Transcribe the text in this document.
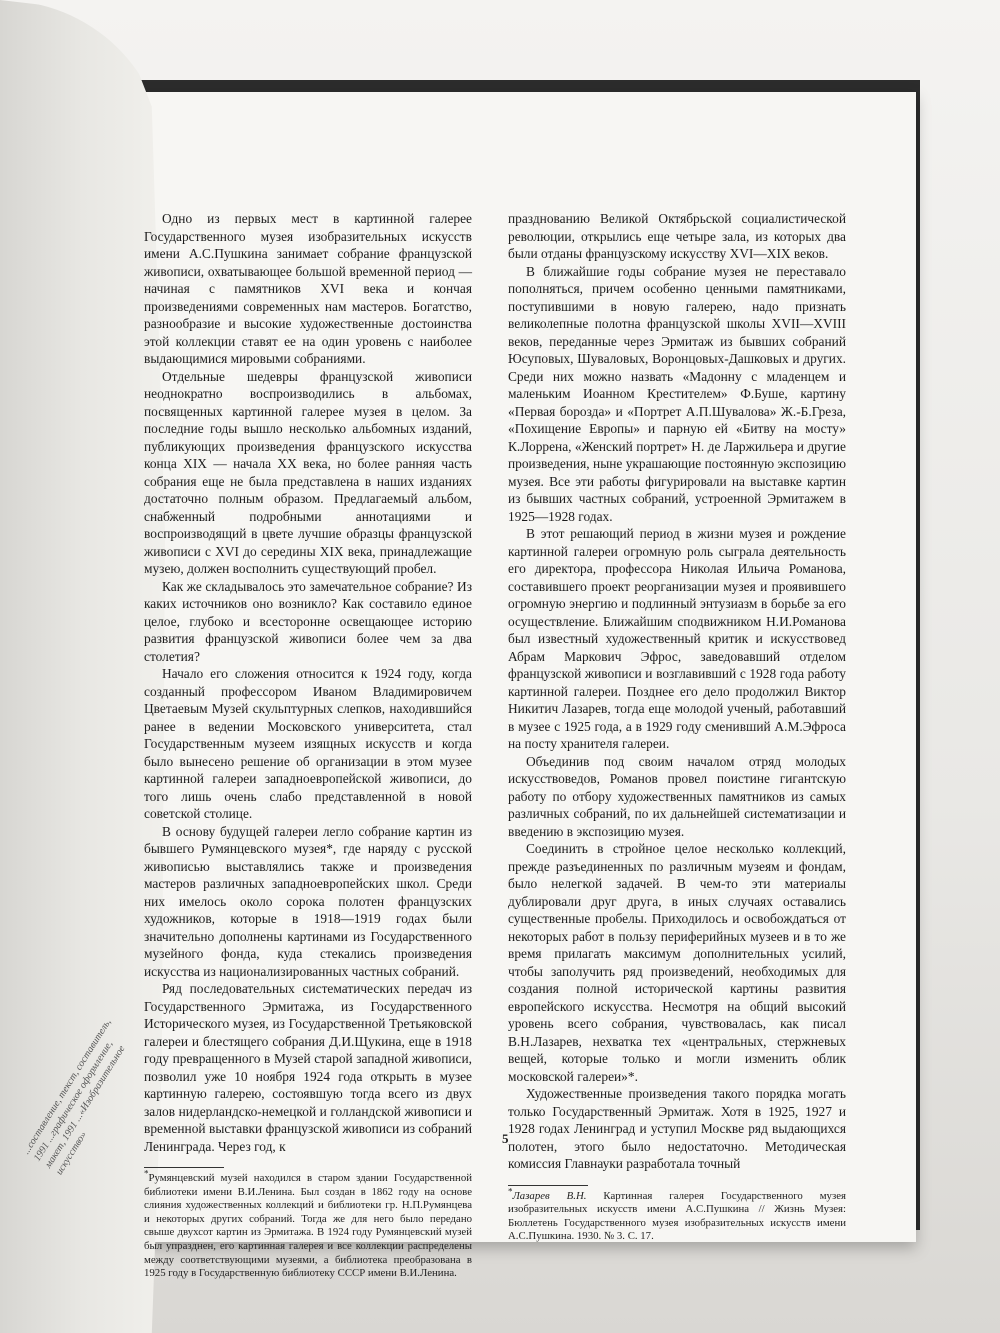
...составление, текст, составитель, 1991 ...графическое оформление, макет, 1991 ...«Изобразительное искусство»

Одно из первых мест в картинной галерее Государственного музея изобразительных искусств имени А.С.Пушкина занимает собрание французской живописи, охватывающее большой временной период — начиная с памятников XVI века и кончая произведениями современных нам мастеров. Богатство, разнообразие и высокие художественные достоинства этой коллекции ставят ее на один уровень с наиболее выдающимися мировыми собраниями.

Отдельные шедевры французской живописи неоднократно воспроизводились в альбомах, посвященных картинной галерее музея в целом. За последние годы вышло несколько альбомных изданий, публикующих произведения французского искусства конца XIX — начала XX века, но более ранняя часть собрания еще не была представлена в наших изданиях достаточно полным образом. Предлагаемый альбом, снабженный подробными аннотациями и воспроизводящий в цвете лучшие образцы французской живописи с XVI до середины XIX века, принадлежащие музею, должен восполнить существующий пробел.

Как же складывалось это замечательное собрание? Из каких источников оно возникло? Как составило единое целое, глубоко и всесторонне освещающее историю развития французской живописи более чем за два столетия?

Начало его сложения относится к 1924 году, когда созданный профессором Иваном Владимировичем Цветаевым Музей скульптурных слепков, находившийся ранее в ведении Московского университета, стал Государственным музеем изящных искусств и когда было вынесено решение об организации в этом музее картинной галереи западноевропейской живописи, до того лишь очень слабо представленной в новой советской столице.

В основу будущей галереи легло собрание картин из бывшего Румянцевского музея*, где наряду с русской живописью выставлялись также и произведения мастеров различных западноевропейских школ. Среди них имелось около сорока полотен французских художников, которые в 1918—1919 годах были значительно дополнены картинами из Государственного музейного фонда, куда стекались произведения искусства из национализированных частных собраний.

Ряд последовательных систематических передач из Государственного Эрмитажа, из Государственного Исторического музея, из Государственной Третьяковской галереи и блестящего собрания Д.И.Щукина, еще в 1918 году превращенного в Музей старой западной живописи, позволил уже 10 ноября 1924 года открыть в музее картинную галерею, состоявшую тогда всего из двух залов нидерландско-немецкой и голландской живописи и временной выставки французской живописи из собраний Ленинграда. Через год, к

*Румянцевский музей находился в старом здании Государственной библиотеки имени В.И.Ленина. Был создан в 1862 году на основе слияния художественных коллекций и библиотеки гр. Н.П.Румянцева и некоторых других собраний. Тогда же для него было передано свыше двухсот картин из Эрмитажа. В 1924 году Румянцевский музей был упразднен, его картинная галерея и все коллекции распределены между соответствующими музеями, а библиотека преобразована в 1925 году в Государственную библиотеку СССР имени В.И.Ленина.

празднованию Великой Октябрьской социалистической революции, открылись еще четыре зала, из которых два были отданы французскому искусству XVI—XIX веков.

В ближайшие годы собрание музея не переставало пополняться, причем особенно ценными памятниками, поступившими в новую галерею, надо признать великолепные полотна французской школы XVII—XVIII веков, переданные через Эрмитаж из бывших собраний Юсуповых, Шуваловых, Воронцовых-Дашковых и других. Среди них можно назвать «Мадонну с младенцем и маленьким Иоанном Крестителем» Ф.Буше, картину «Первая борозда» и «Портрет А.П.Шувалова» Ж.-Б.Греза, «Похищение Европы» и парную ей «Битву на мосту» К.Лоррена, «Женский портрет» Н. де Ларжильера и другие произведения, ныне украшающие постоянную экспозицию музея. Все эти работы фигурировали на выставке картин из бывших частных собраний, устроенной Эрмитажем в 1925—1928 годах.

В этот решающий период в жизни музея и рождение картинной галереи огромную роль сыграла деятельность его директора, профессора Николая Ильича Романова, составившего проект реорганизации музея и проявившего огромную энергию и подлинный энтузиазм в борьбе за его осуществление. Ближайшим сподвижником Н.И.Романова был известный художественный критик и искусствовед Абрам Маркович Эфрос, заведовавший отделом французской живописи и возглавивший с 1928 года работу картинной галереи. Позднее его дело продолжил Виктор Никитич Лазарев, тогда еще молодой ученый, работавший в музее с 1925 года, а в 1929 году сменивший А.М.Эфроса на посту хранителя галереи.

Объединив под своим началом отряд молодых искусствоведов, Романов провел поистине гигантскую работу по отбору художественных памятников из самых различных собраний, по их дальнейшей систематизации и введению в экспозицию музея.

Соединить в стройное целое несколько коллекций, прежде разъединенных по различным музеям и фондам, было нелегкой задачей. В чем-то эти материалы дублировали друг друга, в иных случаях оставались существенные пробелы. Приходилось и освобождаться от некоторых работ в пользу периферийных музеев и в то же время прилагать максимум дополнительных усилий, чтобы заполучить ряд произведений, необходимых для создания полной исторической картины развития европейского искусства. Несмотря на общий высокий уровень всего собрания, чувствовалась, как писал В.Н.Лазарев, нехватка тех «центральных, стержневых вещей, которые только и могли изменить облик московской галереи»*.

Художественные произведения такого порядка могать только Государственный Эрмитаж. Хотя в 1925, 1927 и 1928 годах Ленинград и уступил Москве ряд выдающихся полотен, этого было недостаточно. Методическая комиссия Главнауки разработала точный

*Лазарев В.Н. Картинная галерея Государственного музея изобразительных искусств имени А.С.Пушкина // Жизнь Музея: Бюллетень Государственного музея изобразительных искусств имени А.С.Пушкина. 1930. № 3. С. 17.
5
